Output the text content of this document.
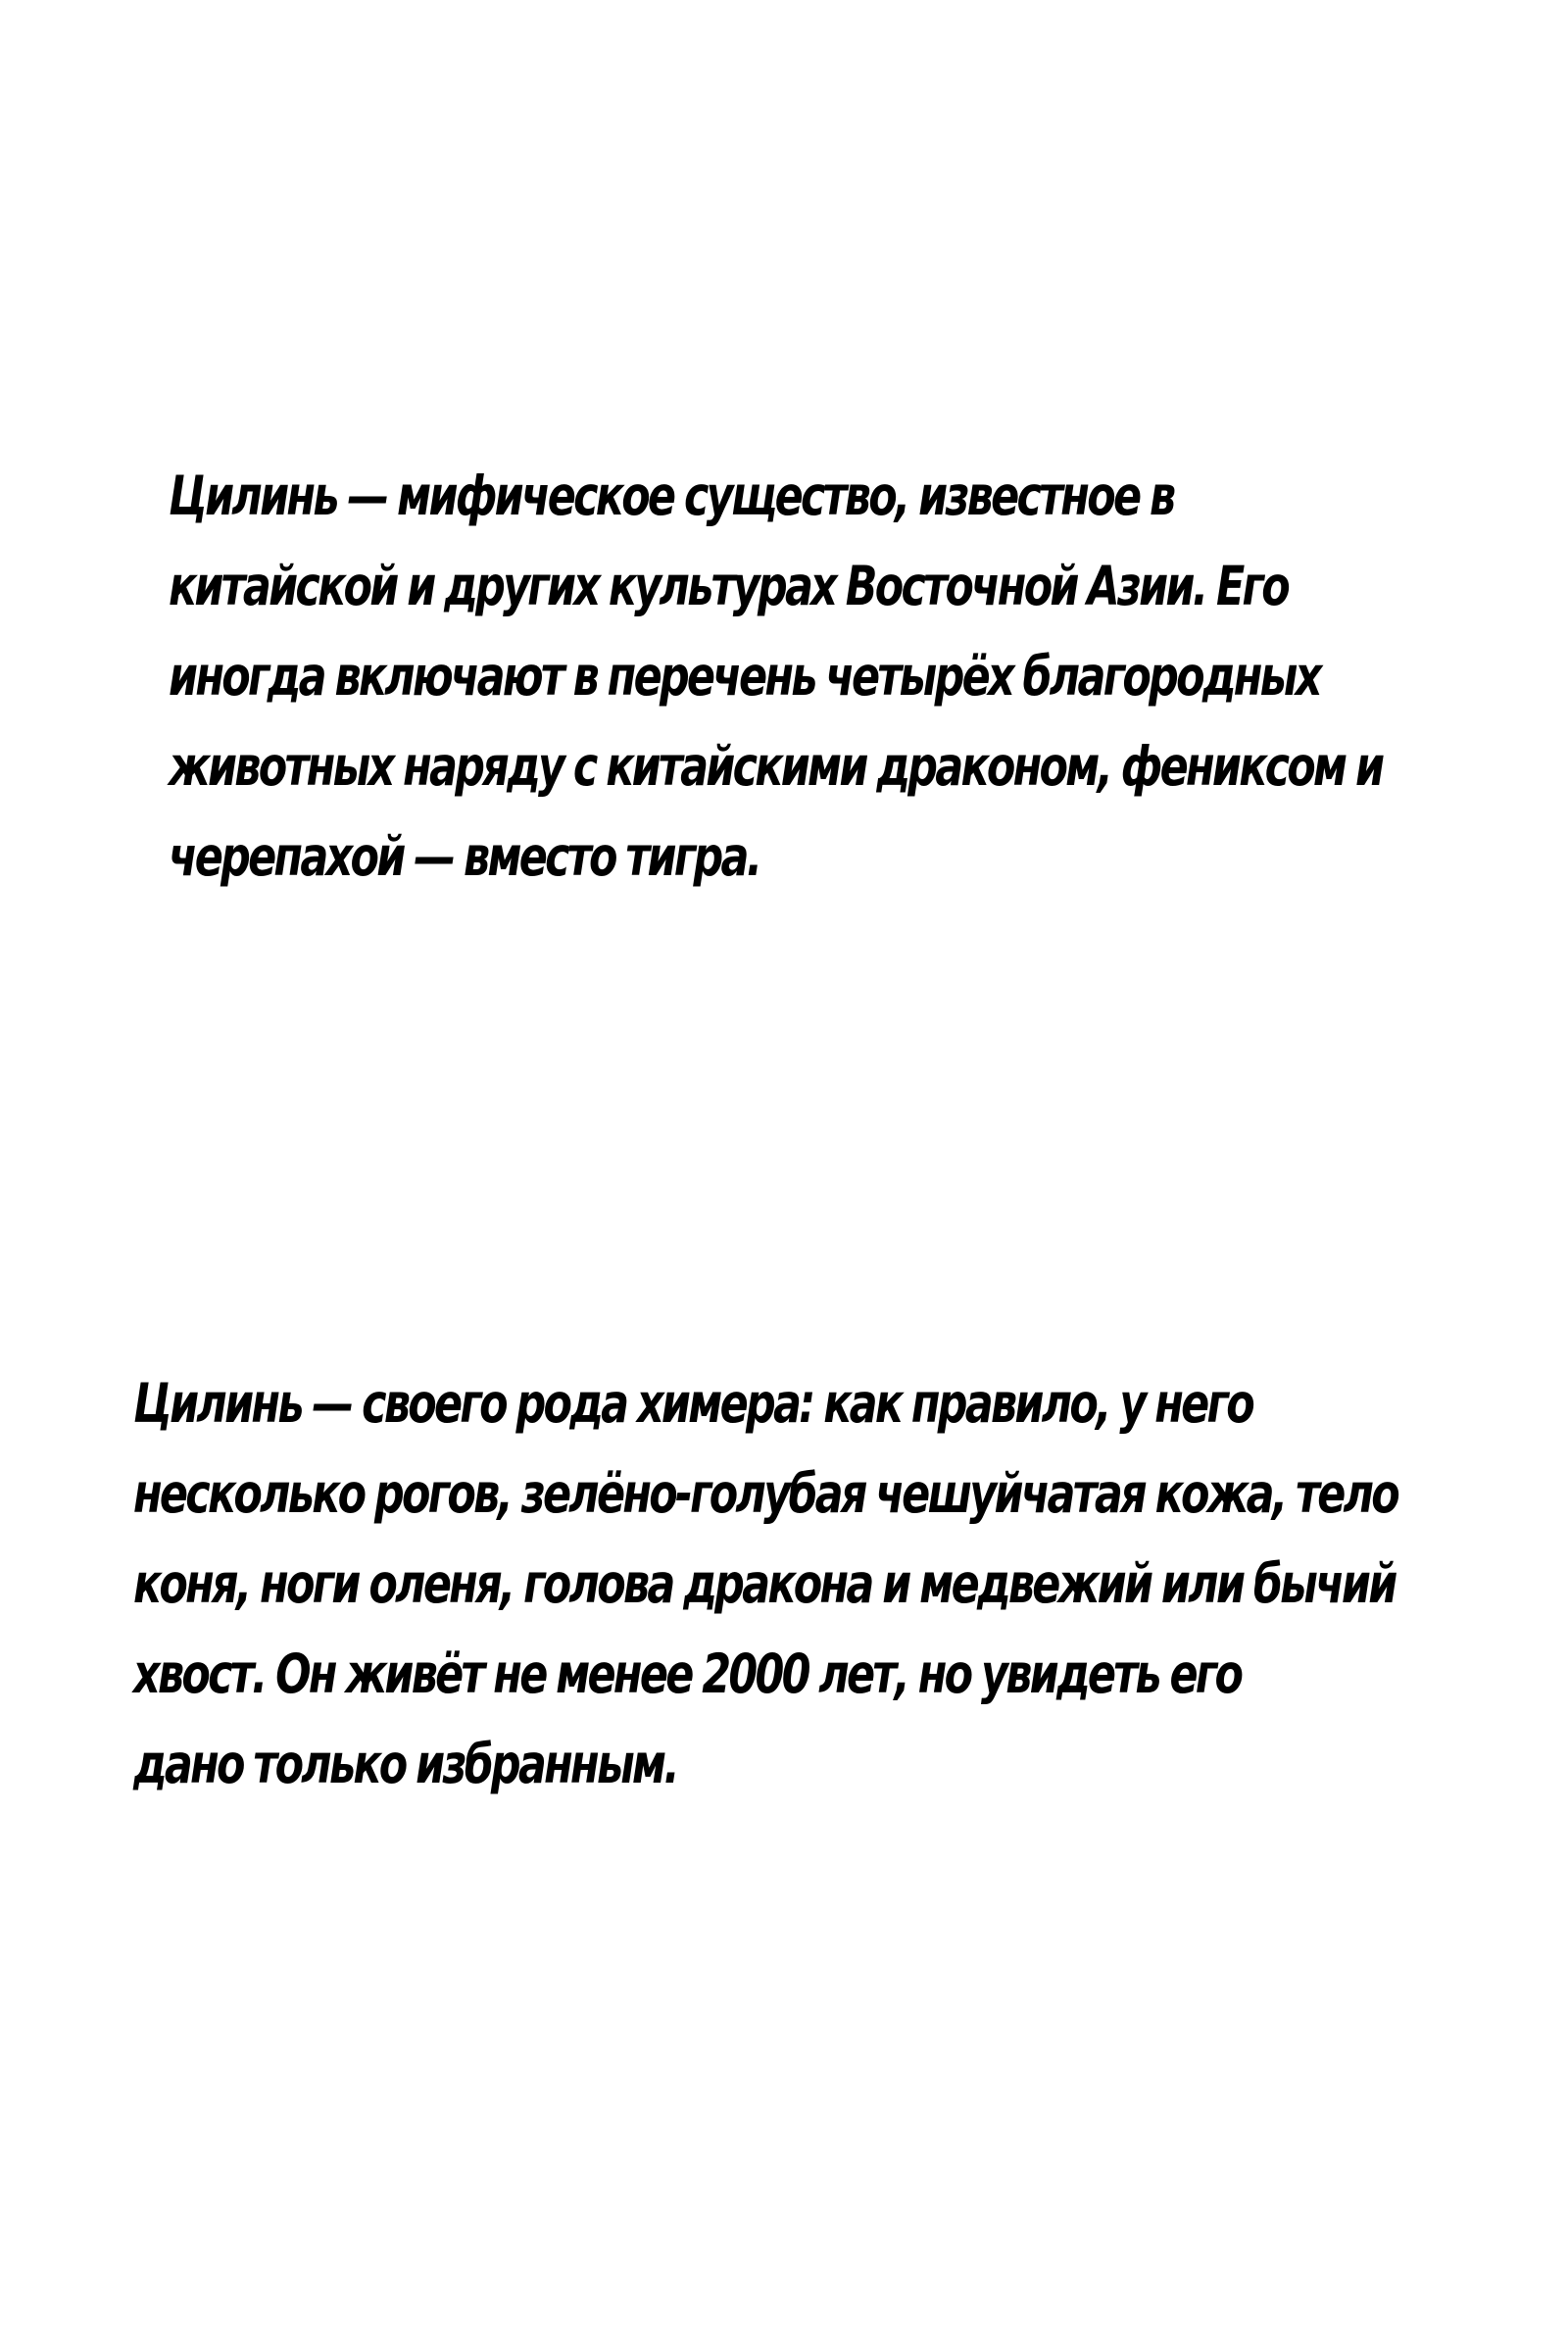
Цилинь — мифическое существо, известное в
китайской и других культурах Восточной Азии. Его
иногда включают в перечень четырёх благородных
животных наряду с китайскими драконом, фениксом и
черепахой — вместо тигра.

Цилинь — своего рода химера: как правило, у него
несколько рогов, зелёно-голубая чешуйчатая кожа, тело
коня, ноги оленя, голова дракона и медвежий или бычий
хвост. Он живёт не менее 2000 лет, но увидеть его
дано только избранным.
